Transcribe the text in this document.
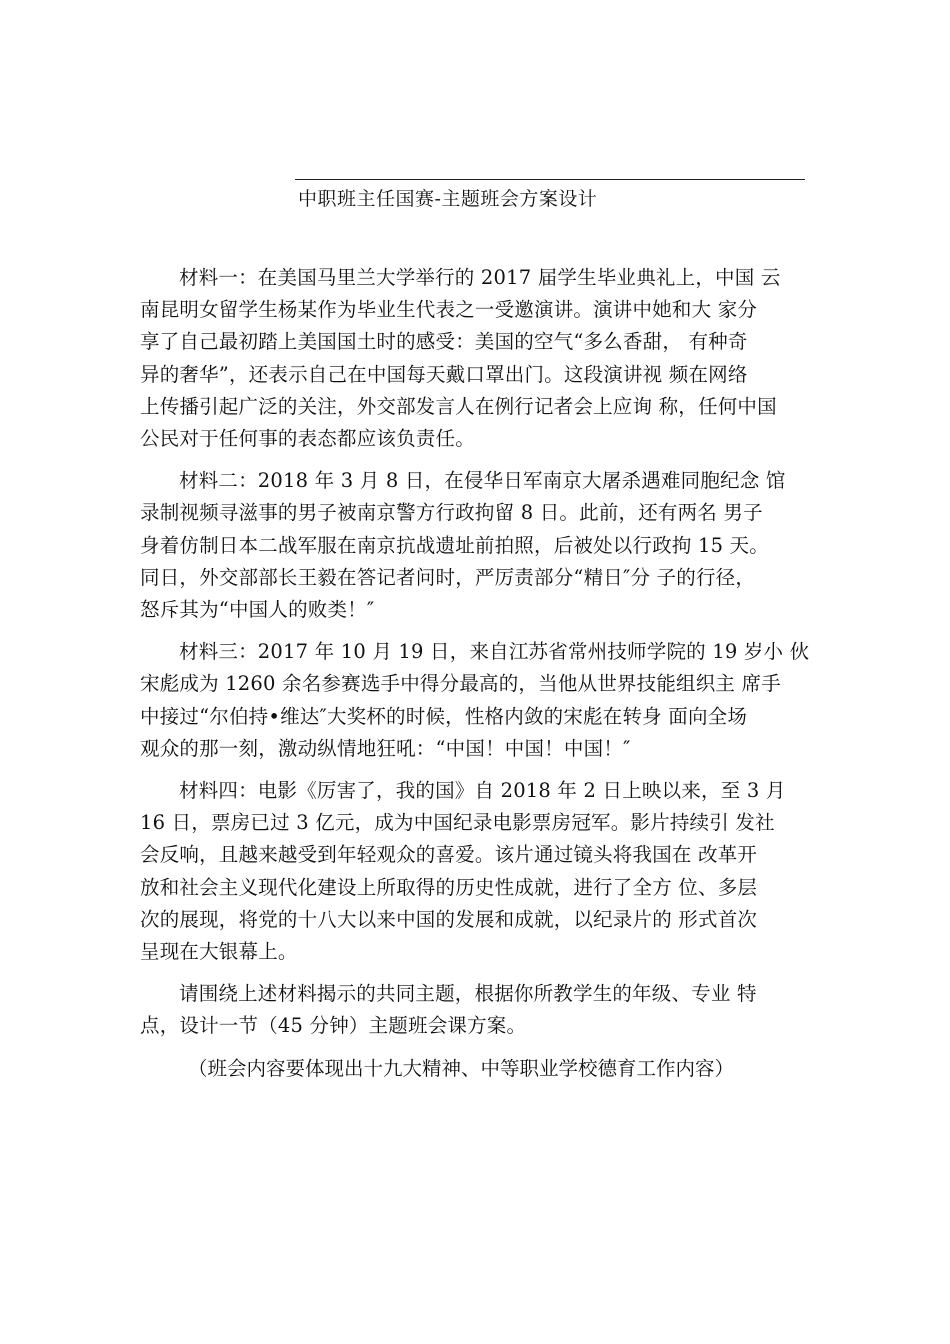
中职班主任国赛-主题班会方案设计

材料一：在美国马里兰大学举行的 2017 届学生毕业典礼上，中国 云
南昆明女留学生杨某作为毕业生代表之一受邀演讲。演讲中她和大 家分
享了自己最初踏上美国国土时的感受：美国的空气“多么香甜， 有种奇
异的奢华”，还表示自己在中国每天戴口罩出门。这段演讲视 频在网络
上传播引起广泛的关注，外交部发言人在例行记者会上应询 称，任何中国
公民对于任何事的表态都应该负责任。

材料二：2018 年 3 月 8 日，在侵华日军南京大屠杀遇难同胞纪念 馆
录制视频寻滋事的男子被南京警方行政拘留 8 日。此前，还有两名 男子
身着仿制日本二战军服在南京抗战遗址前拍照，后被处以行政拘 15 天。
同日，外交部部长王毅在答记者问时，严厉责部分“精日″分 子的行径，
怒斥其为“中国人的败类！″

材料三：2017 年 10 月 19 日，来自江苏省常州技师学院的 19 岁小 伙
宋彪成为 1260 余名参赛选手中得分最高的，当他从世界技能组织主 席手
中接过“尔伯持•维达″大奖杯的时候，性格内敛的宋彪在转身 面向全场
观众的那一刻，激动纵情地狂吼：“中国！中国！中国！″

材料四：电影《厉害了，我的国》自 2018 年 2 日上映以来，至 3 月
16 日，票房已过 3 亿元，成为中国纪录电影票房冠军。影片持续引 发社
会反响，且越来越受到年轻观众的喜爱。该片通过镜头将我国在 改革开
放和社会主义现代化建设上所取得的历史性成就，进行了全方 位、多层
次的展现，将党的十八大以来中国的发展和成就，以纪录片的 形式首次
呈现在大银幕上。

请围绕上述材料揭示的共同主题，根据你所教学生的年级、专业 特
点，设计一节（45 分钟）主题班会课方案。

（班会内容要体现出十九大精神、中等职业学校德育工作内容）
